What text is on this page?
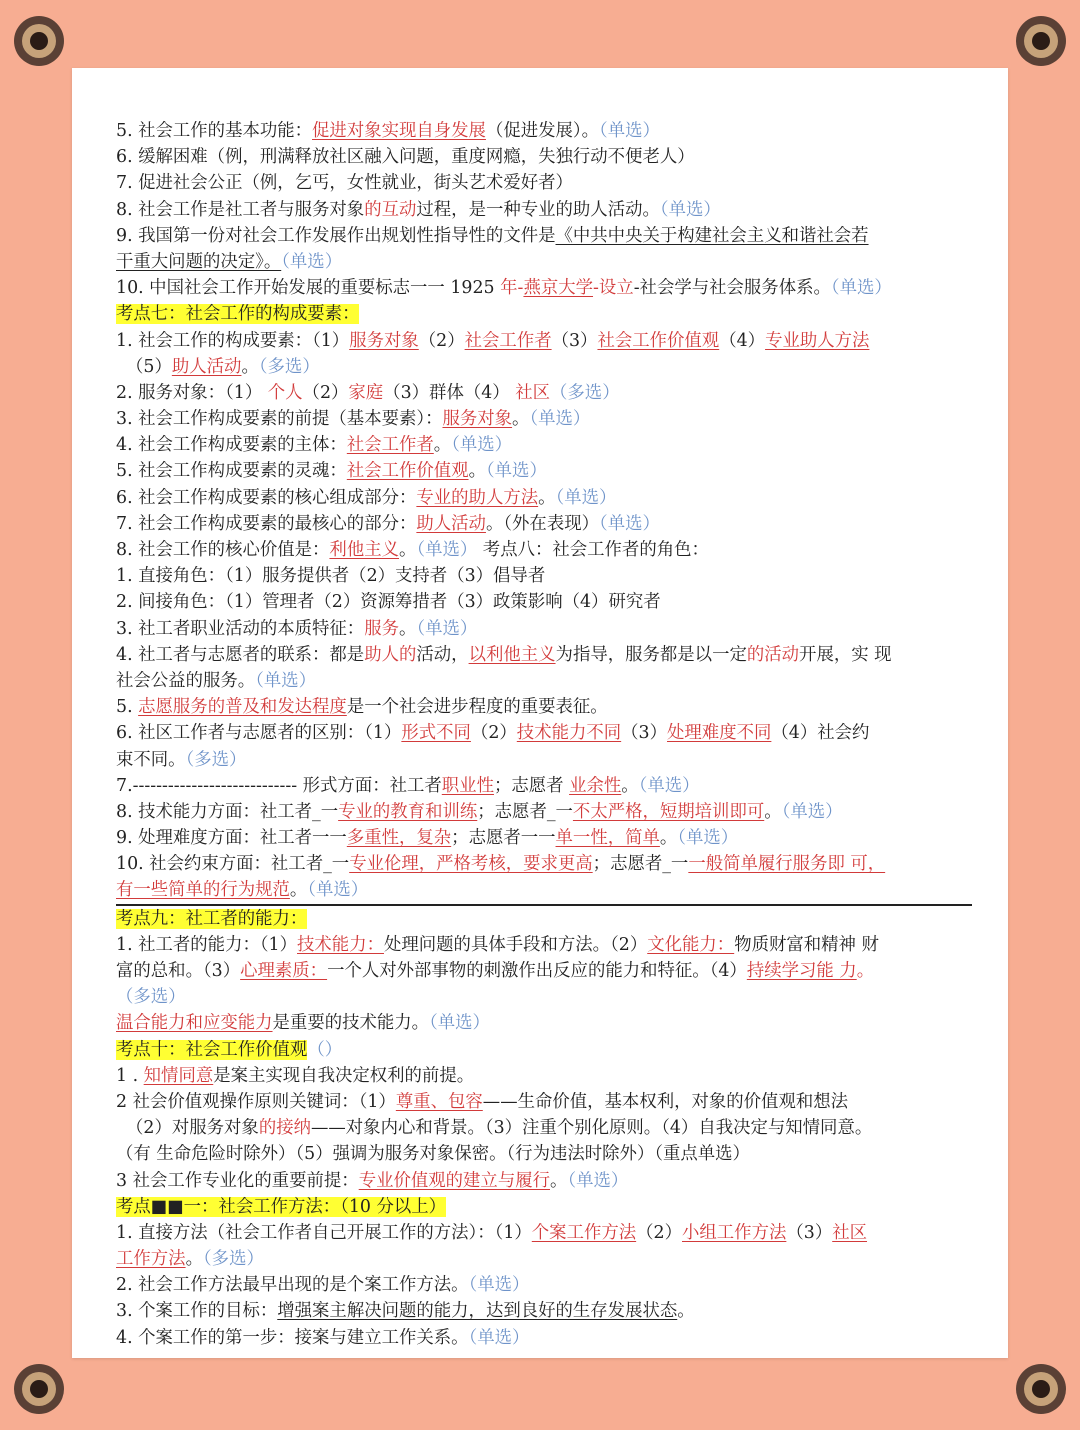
5. 社会工作的基本功能：促进对象实现自身发展（促进发展）。（单选）
6. 缓解困难（例，刑满释放社区融入问题，重度网瘾，失独行动不便老人）
7. 促进社会公正（例，乞丐，女性就业，街头艺术爱好者）
8. 社会工作是社工者与服务对象的互动过程，是一种专业的助人活动。（单选）
9. 我国第一份对社会工作发展作出规划性指导性的文件是《中共中央关于构建社会主义和谐社会若
干重大问题的决定》。（单选）
10. 中国社会工作开始发展的重要标志一一 1925 年-燕京大学-设立-社会学与社会服务体系。（单选）
考点七：社会工作的构成要素：
1. 社会工作的构成要素：（1）服务对象（2）社会工作者（3）社会工作价值观（4）专业助人方法
（5）助人活动。（多选）
2. 服务对象：（1） 个人（2）家庭（3）群体（4） 社区（多选）
3. 社会工作构成要素的前提（基本要素）：服务对象。（单选）
4. 社会工作构成要素的主体：社会工作者。（单选）
5. 社会工作构成要素的灵魂：社会工作价值观。（单选）
6. 社会工作构成要素的核心组成部分：专业的助人方法。（单选）
7. 社会工作构成要素的最核心的部分：助人活动。（外在表现）（单选）
8. 社会工作的核心价值是：利他主义。（单选） 考点八：社会工作者的角色：
1. 直接角色：（1）服务提供者（2）支持者（3）倡导者
2. 间接角色：（1）管理者（2）资源筹措者（3）政策影响（4）研究者
3. 社工者职业活动的本质特征：服务。（单选）
4. 社工者与志愿者的联系：都是助人的活动，以利他主义为指导，服务都是以一定的活动开展，实 现
社会公益的服务。（单选）
5. 志愿服务的普及和发达程度是一个社会进步程度的重要表征。
6. 社区工作者与志愿者的区别：（1）形式不同（2）技术能力不同（3）处理难度不同（4）社会约
束不同。（多选）
7.---------------------------- 形式方面：社工者职业性；志愿者 业余性。（单选）
8. 技术能力方面：社工者_一专业的教育和训练；志愿者_一不太严格，短期培训即可。（单选）
9. 处理难度方面：社工者一一多重性，复杂；志愿者一一单一性，简单。（单选）
10. 社会约束方面：社工者_一专业伦理，严格考核，要求更高；志愿者_一一般简单履行服务即 可，
有一些简单的行为规范。（单选）
考点九：社工者的能力：
1. 社工者的能力：（1）技术能力：处理问题的具体手段和方法。（2）文化能力：物质财富和精神 财
富的总和。（3）心理素质：一个人对外部事物的刺激作出反应的能力和特征。（4）持续学习能 力。
（多选）
温合能力和应变能力是重要的技术能力。（单选）
考点十：社会工作价值观（）
1 . 知情同意是案主实现自我决定权利的前提。
2 社会价值观操作原则关键词：（1）尊重、包容——生命价值，基本权利，对象的价值观和想法
（2）对服务对象的接纳——对象内心和背景。（3）注重个别化原则。（4）自我决定与知情同意。
（有 生命危险时除外）（5）强调为服务对象保密。（行为违法时除外）（重点单选）
3 社会工作专业化的重要前提：专业价值观的建立与履行。（单选）
考点■■一：社会工作方法：（10 分以上）
1. 直接方法（社会工作者自己开展工作的方法）：（1）个案工作方法（2）小组工作方法（3）社区
工作方法。（多选）
2. 社会工作方法最早出现的是个案工作方法。（单选）
3. 个案工作的目标：增强案主解决问题的能力，达到良好的生存发展状态。
4. 个案工作的第一步：接案与建立工作关系。（单选）
